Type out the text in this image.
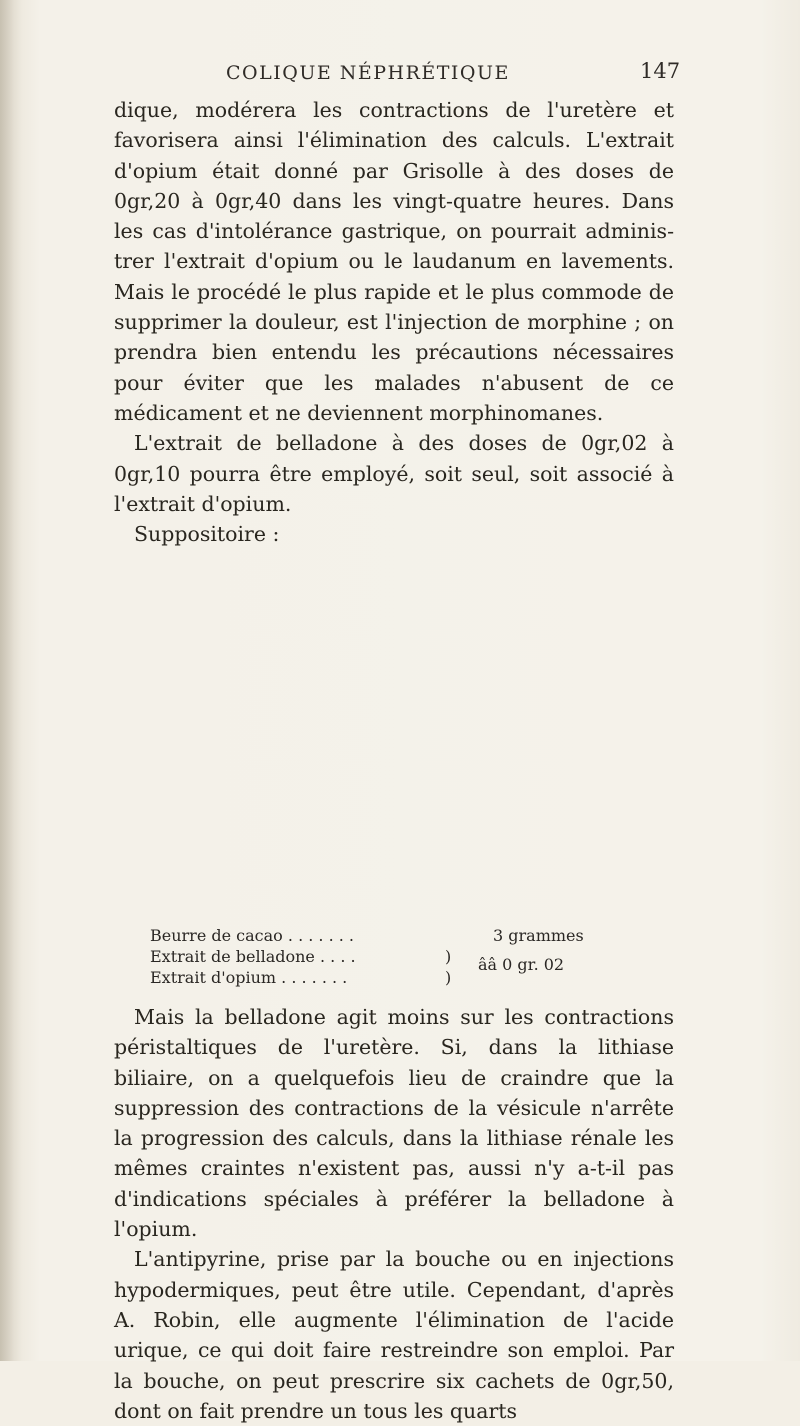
COLIQUE NÉPHRÉTIQUE	147

dique, modérera les contractions de l'uretère et favorisera ainsi l'élimination des calculs. L'extrait d'opium était donné par Grisolle à des doses de 0gr,20 à 0gr,40 dans les vingt-quatre heures. Dans les cas d'intolérance gastrique, on pourrait administrer l'extrait d'opium ou le laudanum en lavements. Mais le procédé le plus rapide et le plus commode de supprimer la douleur, est l'injection de morphine ; on prendra bien entendu les précautions nécessaires pour éviter que les malades n'abusent de ce médicament et ne deviennent morphinomanes.

L'extrait de belladone à des doses de 0gr,02 à 0gr,10 pourra être employé, soit seul, soit associé à l'extrait d'opium.

Suppositoire :

Beurre de cacao . . . . . . .	3 grammes
Extrait de belladone . . . .	) ââ 0 gr. 02
Extrait d'opium . . . . . . .	)

Mais la belladone agit moins sur les contractions péristaltiques de l'uretère. Si, dans la lithiase biliaire, on a quelquefois lieu de craindre que la suppression des contractions de la vésicule n'arrête la progression des calculs, dans la lithiase rénale les mêmes craintes n'existent pas, aussi n'y a-t-il pas d'indications spéciales à préférer la belladone à l'opium.

L'antipyrine, prise par la bouche ou en injections hypodermiques, peut être utile. Cependant, d'après A. Robin, elle augmente l'élimination de l'acide urique, ce qui doit faire restreindre son emploi. Par la bouche, on peut prescrire six cachets de 0gr,50, dont on fait prendre un tous les quarts
